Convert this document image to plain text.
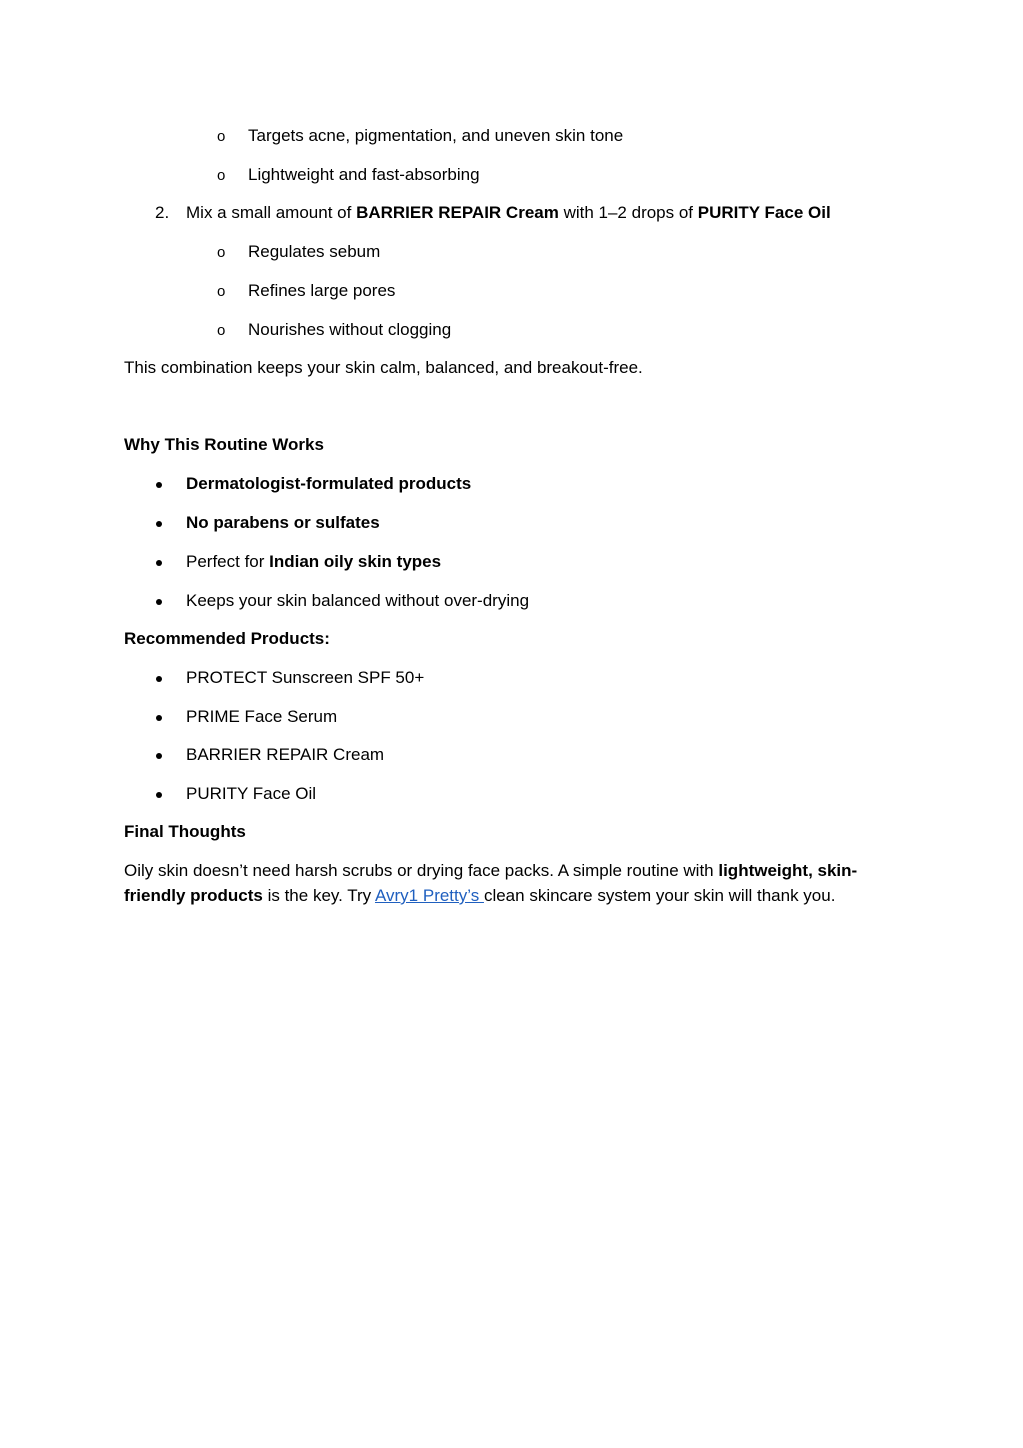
o Targets acne, pigmentation, and uneven skin tone
o Lightweight and fast-absorbing
2. Mix a small amount of BARRIER REPAIR Cream with 1–2 drops of PURITY Face Oil
o Regulates sebum
o Refines large pores
o Nourishes without clogging
This combination keeps your skin calm, balanced, and breakout-free.
Why This Routine Works
Dermatologist-formulated products
No parabens or sulfates
Perfect for Indian oily skin types
Keeps your skin balanced without over-drying
Recommended Products:
PROTECT Sunscreen SPF 50+
PRIME Face Serum
BARRIER REPAIR Cream
PURITY Face Oil
Final Thoughts
Oily skin doesn’t need harsh scrubs or drying face packs. A simple routine with lightweight, skin-
friendly products is the key. Try Avry1 Pretty’s clean skincare system your skin will thank you.
